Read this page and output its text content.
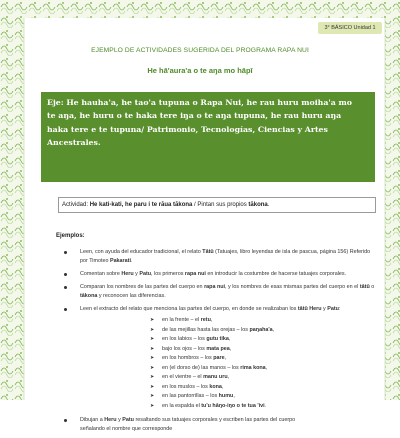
3° BÁSICO Unidad 1
EJEMPLO DE ACTIVIDADES SUGERIDA DEL PROGRAMA RAPA NUI
He hā'aura'a o te aŋa mo hāpī
Eje: He hauha'a, he tao'a tupuna o Rapa Nui, he rau huru moiha'a mo te aŋa, he huru o te haka tere iŋa o te aŋa tupuna, he rau huru aŋa haka tere e te tupuna/ Patrimonio, Tecnologías, Ciencias y Artes Ancestrales.
Actividad: He kati-kati, he paru i te rāua tākona / Pintan sus propios tākona.
Ejemplos:
Leen, con ayuda del educador tradicional, el relato Tātū (Tatuajes, libro leyendas de isla de pascua, página 156) Referido por Timoteo Pakarati.
Comentan sobre Heru y Patu, los primeros rapa nui en introducir la costumbre de hacerse tatuajes corporales.
Comparan los nombres de las partes del cuerpo en rapa nui, y los nombres de esas mismas partes del cuerpo en el tātū o tākona y reconocen las diferencias.
Leen el extracto del relato que menciona las partes del cuerpo, en donde se realizaban los tātū Heru y Patu:
➤ en la frente – el retu,
➤ de las mejillas hasta las orejas – los paŋaha'a,
➤ en los labios – los gutu tika,
➤ bajo los ojos – los mata pea,
➤ en los hombros – los pare,
➤ en (el dorso de) las manos – los rima kona,
➤ en el vientre – el manu uru,
➤ en los muslos – los kona,
➤ en las pantorrillas – los humu,
➤ en la espalda el tu'u hāŋo-iŋo o te tua 'ivi.
Dibujan a Heru y Patu resaltando sus tatuajes corporales y escriben las partes del cuerpo
señalando el nombre que corresponde
